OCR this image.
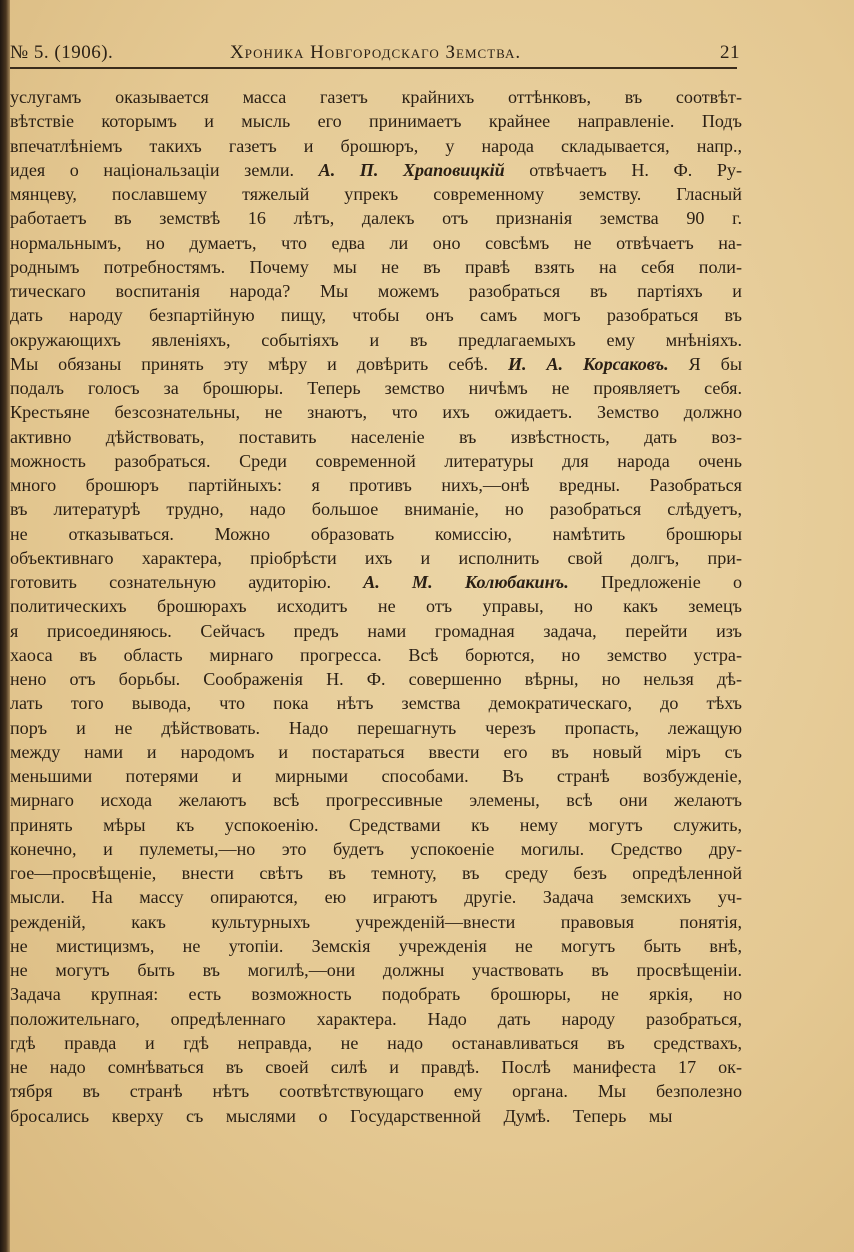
№ 5. (1906).	Хроника Новгородскаго Земства.	21
услугамъ оказывается масса газетъ крайнихъ оттѣнковъ, въ соотвѣт-
вѣтствіе которымъ и мысль его принимаетъ крайнее направленіе. Подъ
впечатлѣніемъ такихъ газетъ и брошюръ, у народа складывается, напр.,
идея о національзаціи земли. А. П. Храповицкій отвѣчаетъ Н. Ф. Ру-
мянцеву, пославшему тяжелый упрекъ современному земству. Гласный
работаетъ въ земствѣ 16 лѣтъ, далекъ отъ признанія земства 90 г.
нормальнымъ, но думаетъ, что едва ли оно совсѣмъ не отвѣчаетъ на-
роднымъ потребностямъ. Почему мы не въ правѣ взять на себя поли-
тическаго воспитанія народа? Мы можемъ разобраться въ партіяхъ и
дать народу безпартійную пищу, чтобы онъ самъ могъ разобраться въ
окружающихъ явленіяхъ, событіяхъ и въ предлагаемыхъ ему мнѣніяхъ.
Мы обязаны принять эту мѣру и довѣрить себѣ. И. А. Корсаковъ. Я бы
подалъ голосъ за брошюры. Теперь земство ничѣмъ не проявляетъ себя.
Крестьяне безсознательны, не знаютъ, что ихъ ожидаетъ. Земство должно
активно дѣйствовать, поставить населеніе въ извѣстность, дать воз-
можность разобраться. Среди современной литературы для народа очень
много брошюръ партійныхъ: я противъ нихъ,—онѣ вредны. Разобраться
въ литературѣ трудно, надо большое вниманіе, но разобраться слѣдуетъ,
не отказываться. Можно образовать комиссію, намѣтить брошюры
объективнаго характера, пріобрѣсти ихъ и исполнить свой долгъ, при-
готовить сознательную аудиторію. А. М. Колюбакинъ. Предложеніе о
политическихъ брошюрахъ исходитъ не отъ управы, но какъ земецъ
я присоединяюсь. Сейчасъ предъ нами громадная задача, перейти изъ
хаоса въ область мирнаго прогресса. Всѣ борются, но земство устра-
нено отъ борьбы. Соображенія Н. Ф. совершенно вѣрны, но нельзя дѣ-
лать того вывода, что пока нѣтъ земства демократическаго, до тѣхъ
поръ и не дѣйствовать. Надо перешагнуть черезъ пропасть, лежащую
между нами и народомъ и постараться ввести его въ новый міръ съ
меньшими потерями и мирными способами. Въ странѣ возбужденіе,
мирнаго исхода желаютъ всѣ прогрессивные элемены, всѣ они желаютъ
принять мѣры къ успокоенію. Средствами къ нему могутъ служить,
конечно, и пулеметы,—но это будетъ успокоеніе могилы. Средство дру-
гое—просвѣщеніе, внести свѣтъ въ темноту, въ среду безъ опредѣленной
мысли. На массу опираются, ею играютъ другіе. Задача земскихъ уч-
режденій, какъ культурныхъ учрежденій—внести правовыя понятія,
не мистицизмъ, не утопіи. Земскія учрежденія не могутъ быть внѣ,
не могутъ быть въ могилѣ,—они должны участвовать въ просвѣщеніи.
Задача крупная: есть возможность подобрать брошюры, не яркія, но
положительнаго, опредѣленнаго характера. Надо дать народу разобраться,
гдѣ правда и гдѣ неправда, не надо останавливаться въ средствахъ,
не надо сомнѣваться въ своей силѣ и правдѣ. Послѣ манифеста 17 ок-
тября въ странѣ нѣтъ соотвѣтствующаго ему органа. Мы безполезно
бросались кверху съ мыслями о Государственной Думѣ. Теперь мы
